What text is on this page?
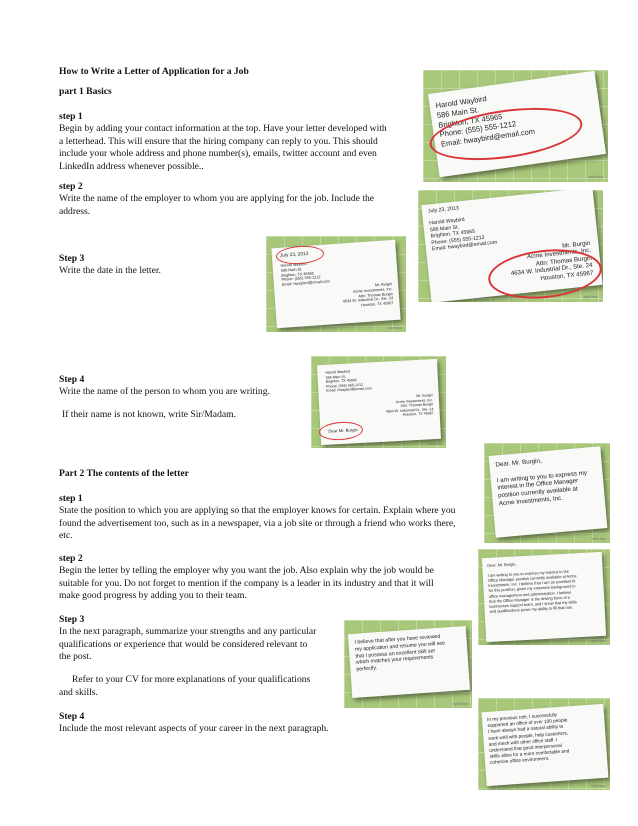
How to Write a Letter of Application for a Job
part 1 Basics
step 1
Begin by adding your contact information at the top. Have your letter developed with
a letterhead. This will ensure that the hiring company can reply to you. This should
include your whole address and phone number(s), emails, twitter account and even
LinkedIn address whenever possible..
step 2
Write the name of the employer to whom you are applying for the job. Include the
address.
Step 3
Write the date in the letter.
Step 4
Write the name of the person to whom you are writing.
If their name is not known, write Sir/Madam.
Part 2 The contents of the letter
step 1
State the position to which you are applying so that the employer knows for certain. Explain where you
found the advertisement too, such as in a newspaper, via a job site or through a friend who works there,
etc.
step 2
Begin the letter by telling the employer why you want the job. Also explain why the job would be
suitable for you. Do not forget to mention if the company is a leader in its industry and that it will
make good progress by adding you to their team.
Step 3
In the next paragraph, summarize your strengths and any particular
qualifications or experience that would be considered relevant to
the post.
Refer to your CV for more explanations of your qualifications
and skills.
Step 4
Include the most relevant aspects of your career in the next paragraph.
Harold Waybird
586 Main St.
Brighton, TX 45965
Phone: (555) 555-1212
Email: hwaybird@email.com
wikiHow

July 23, 2013

Harold Waybird
586 Main St.
Brighton, TX 45965
Phone: (555) 555-1212
Email: hwaybird@email.com	Mr. Burgin
Acme Investments, Inc.
Attn: Thomas Burgin
4634 W. Industrial Dr., Ste. 24
Houston, TX 45967

wikiHow

July 23, 2013

Harold Waybird
586 Main St.
Brighton, TX 45965
Phone: (555) 555-1212
Email: hwaybird@email.com	Mr. Burgin
Acme Investments, Inc.
Attn: Thomas Burgin
4634 W. Industrial Dr., Ste. 24
Houston, TX 45967

wikiHow

Harold Waybird
586 Main St.
Brighton, TX 45965
Phone: (555) 555-1212
Email: hwaybird@email.com

Mr. Burgin
Acme Investments, Inc.
Attn: Thomas Burgin
4634 W. Industrial Dr., Ste. 24
Houston, TX 45967

Dear Mr. Burgin

wikiHow
Dear. Mr. Burgin,

I am writing to you to express my
interest in the Office Manager
position currently available at
Acme Investments, Inc.
wikiHow
Dear. Mr. Burgin,

I am writing to you to express my interest in the
Office Manager position currently available at Acme
Investments, Inc. I believe that I am an excellent fit
for this position, given my extensive background in
office management and administration. I believe
that the Office Manager is the driving force of a
businesses support team, and I know that my skills
and qualifications prove my ability to fill that role.
wikiHow
I believe that after you have reviewed
my application and resume you will see
that I possess an excellent skill set
which matches your requirements
perfectly.
wikiHow
In my previous role, I successfully
supported an office of over 100 people.
I have always had a natural ability to
work well with people, help customers,
and mesh with other office staff. I
understand that good interpersonal
skills allow for a more comfortable and
cohesive office environment.
wikiHow
